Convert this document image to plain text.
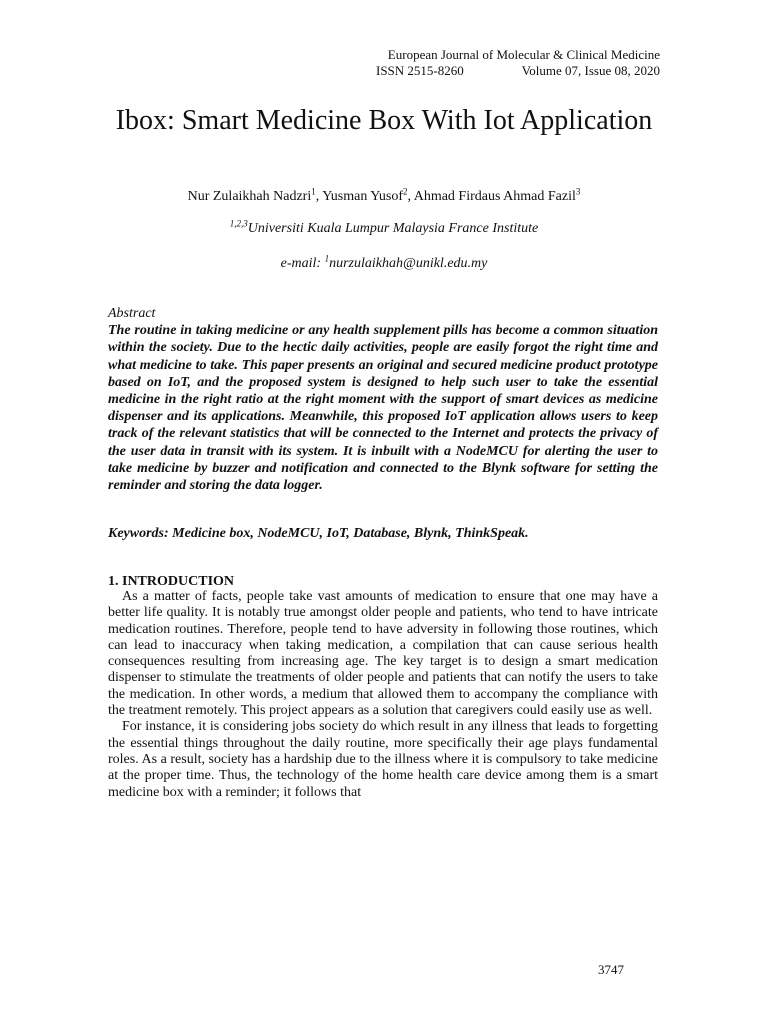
European Journal of Molecular & Clinical Medicine
ISSN 2515-8260	Volume 07, Issue 08, 2020
Ibox: Smart Medicine Box With Iot Application
Nur Zulaikhah Nadzri$^1$, Yusman Yusof$^2$, Ahmad Firdaus Ahmad Fazil$^3$
$^{1,2,3}$Universiti Kuala Lumpur Malaysia France Institute
e-mail: $^1$nurzulaikhah@unikl.edu.my
Abstract
The routine in taking medicine or any health supplement pills has become a common situation within the society. Due to the hectic daily activities, people are easily forgot the right time and what medicine to take. This paper presents an original and secured medicine product prototype based on IoT, and the proposed system is designed to help such user to take the essential medicine in the right ratio at the right moment with the support of smart devices as medicine dispenser and its applications. Meanwhile, this proposed IoT application allows users to keep track of the relevant statistics that will be connected to the Internet and protects the privacy of the user data in transit with its system. It is inbuilt with a NodeMCU for alerting the user to take medicine by buzzer and notification and connected to the Blynk software for setting the reminder and storing the data logger.
Keywords: Medicine box, NodeMCU, IoT, Database, Blynk, ThinkSpeak.
1. INTRODUCTION

As a matter of facts, people take vast amounts of medication to ensure that one may have a better life quality. It is notably true amongst older people and patients, who tend to have intricate medication routines. Therefore, people tend to have adversity in following those routines, which can lead to inaccuracy when taking medication, a compilation that can cause serious health consequences resulting from increasing age. The key target is to design a smart medication dispenser to stimulate the treatments of older people and patients that can notify the users to take the medication. In other words, a medium that allowed them to accompany the compliance with the treatment remotely. This project appears as a solution that caregivers could easily use as well.

For instance, it is considering jobs society do which result in any illness that leads to forgetting the essential things throughout the daily routine, more specifically their age plays fundamental roles. As a result, society has a hardship due to the illness where it is compulsory to take medicine at the proper time. Thus, the technology of the home health care device among them is a smart medicine box with a reminder; it follows that

3747
